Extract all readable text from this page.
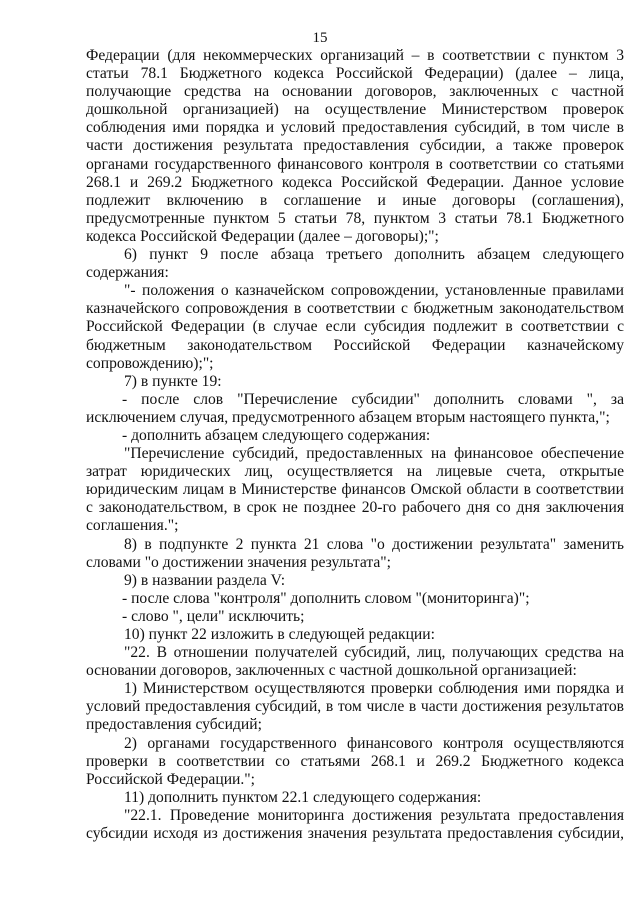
15

Федерации (для некоммерческих организаций – в соответствии с пунктом 3 статьи 78.1 Бюджетного кодекса Российской Федерации) (далее – лица, получающие средства на основании договоров, заключенных с частной дошкольной организацией) на осуществление Министерством проверок соблюдения ими порядка и условий предоставления субсидий, в том числе в части достижения результата предоставления субсидии, а также проверок органами государственного финансового контроля в соответствии со статьями 268.1 и 269.2 Бюджетного кодекса Российской Федерации. Данное условие подлежит включению в соглашение и иные договоры (соглашения), предусмотренные пунктом 5 статьи 78, пунктом 3 статьи 78.1 Бюджетного кодекса Российской Федерации (далее – договоры);";

6) пункт 9 после абзаца третьего дополнить абзацем следующего содержания:

"- положения о казначейском сопровождении, установленные правилами казначейского сопровождения в соответствии с бюджетным законодательством Российской Федерации (в случае если субсидия подлежит в соответствии с бюджетным законодательством Российской Федерации казначейскому сопровождению);";

7) в пункте 19:

- после слов "Перечисление субсидии" дополнить словами ", за исключением случая, предусмотренного абзацем вторым настоящего пункта,";

- дополнить абзацем следующего содержания:

"Перечисление субсидий, предоставленных на финансовое обеспечение затрат юридических лиц, осуществляется на лицевые счета, открытые юридическим лицам в Министерстве финансов Омской области в соответствии с законодательством, в срок не позднее 20-го рабочего дня со дня заключения соглашения.";

8) в подпункте 2 пункта 21 слова "о достижении результата" заменить словами "о достижении значения результата";

9) в названии раздела V:

- после слова "контроля" дополнить словом "(мониторинга)";

- слово ", цели" исключить;

10) пункт 22 изложить в следующей редакции:

"22. В отношении получателей субсидий, лиц, получающих средства на основании договоров, заключенных с частной дошкольной организацией:

1) Министерством осуществляются проверки соблюдения ими порядка и условий предоставления субсидий, в том числе в части достижения результатов предоставления субсидий;

2) органами государственного финансового контроля осуществляются проверки в соответствии со статьями 268.1 и 269.2 Бюджетного кодекса Российской Федерации.";

11) дополнить пунктом 22.1 следующего содержания:

"22.1. Проведение мониторинга достижения результата предоставления субсидии исходя из достижения значения результата предоставления субсидии,
